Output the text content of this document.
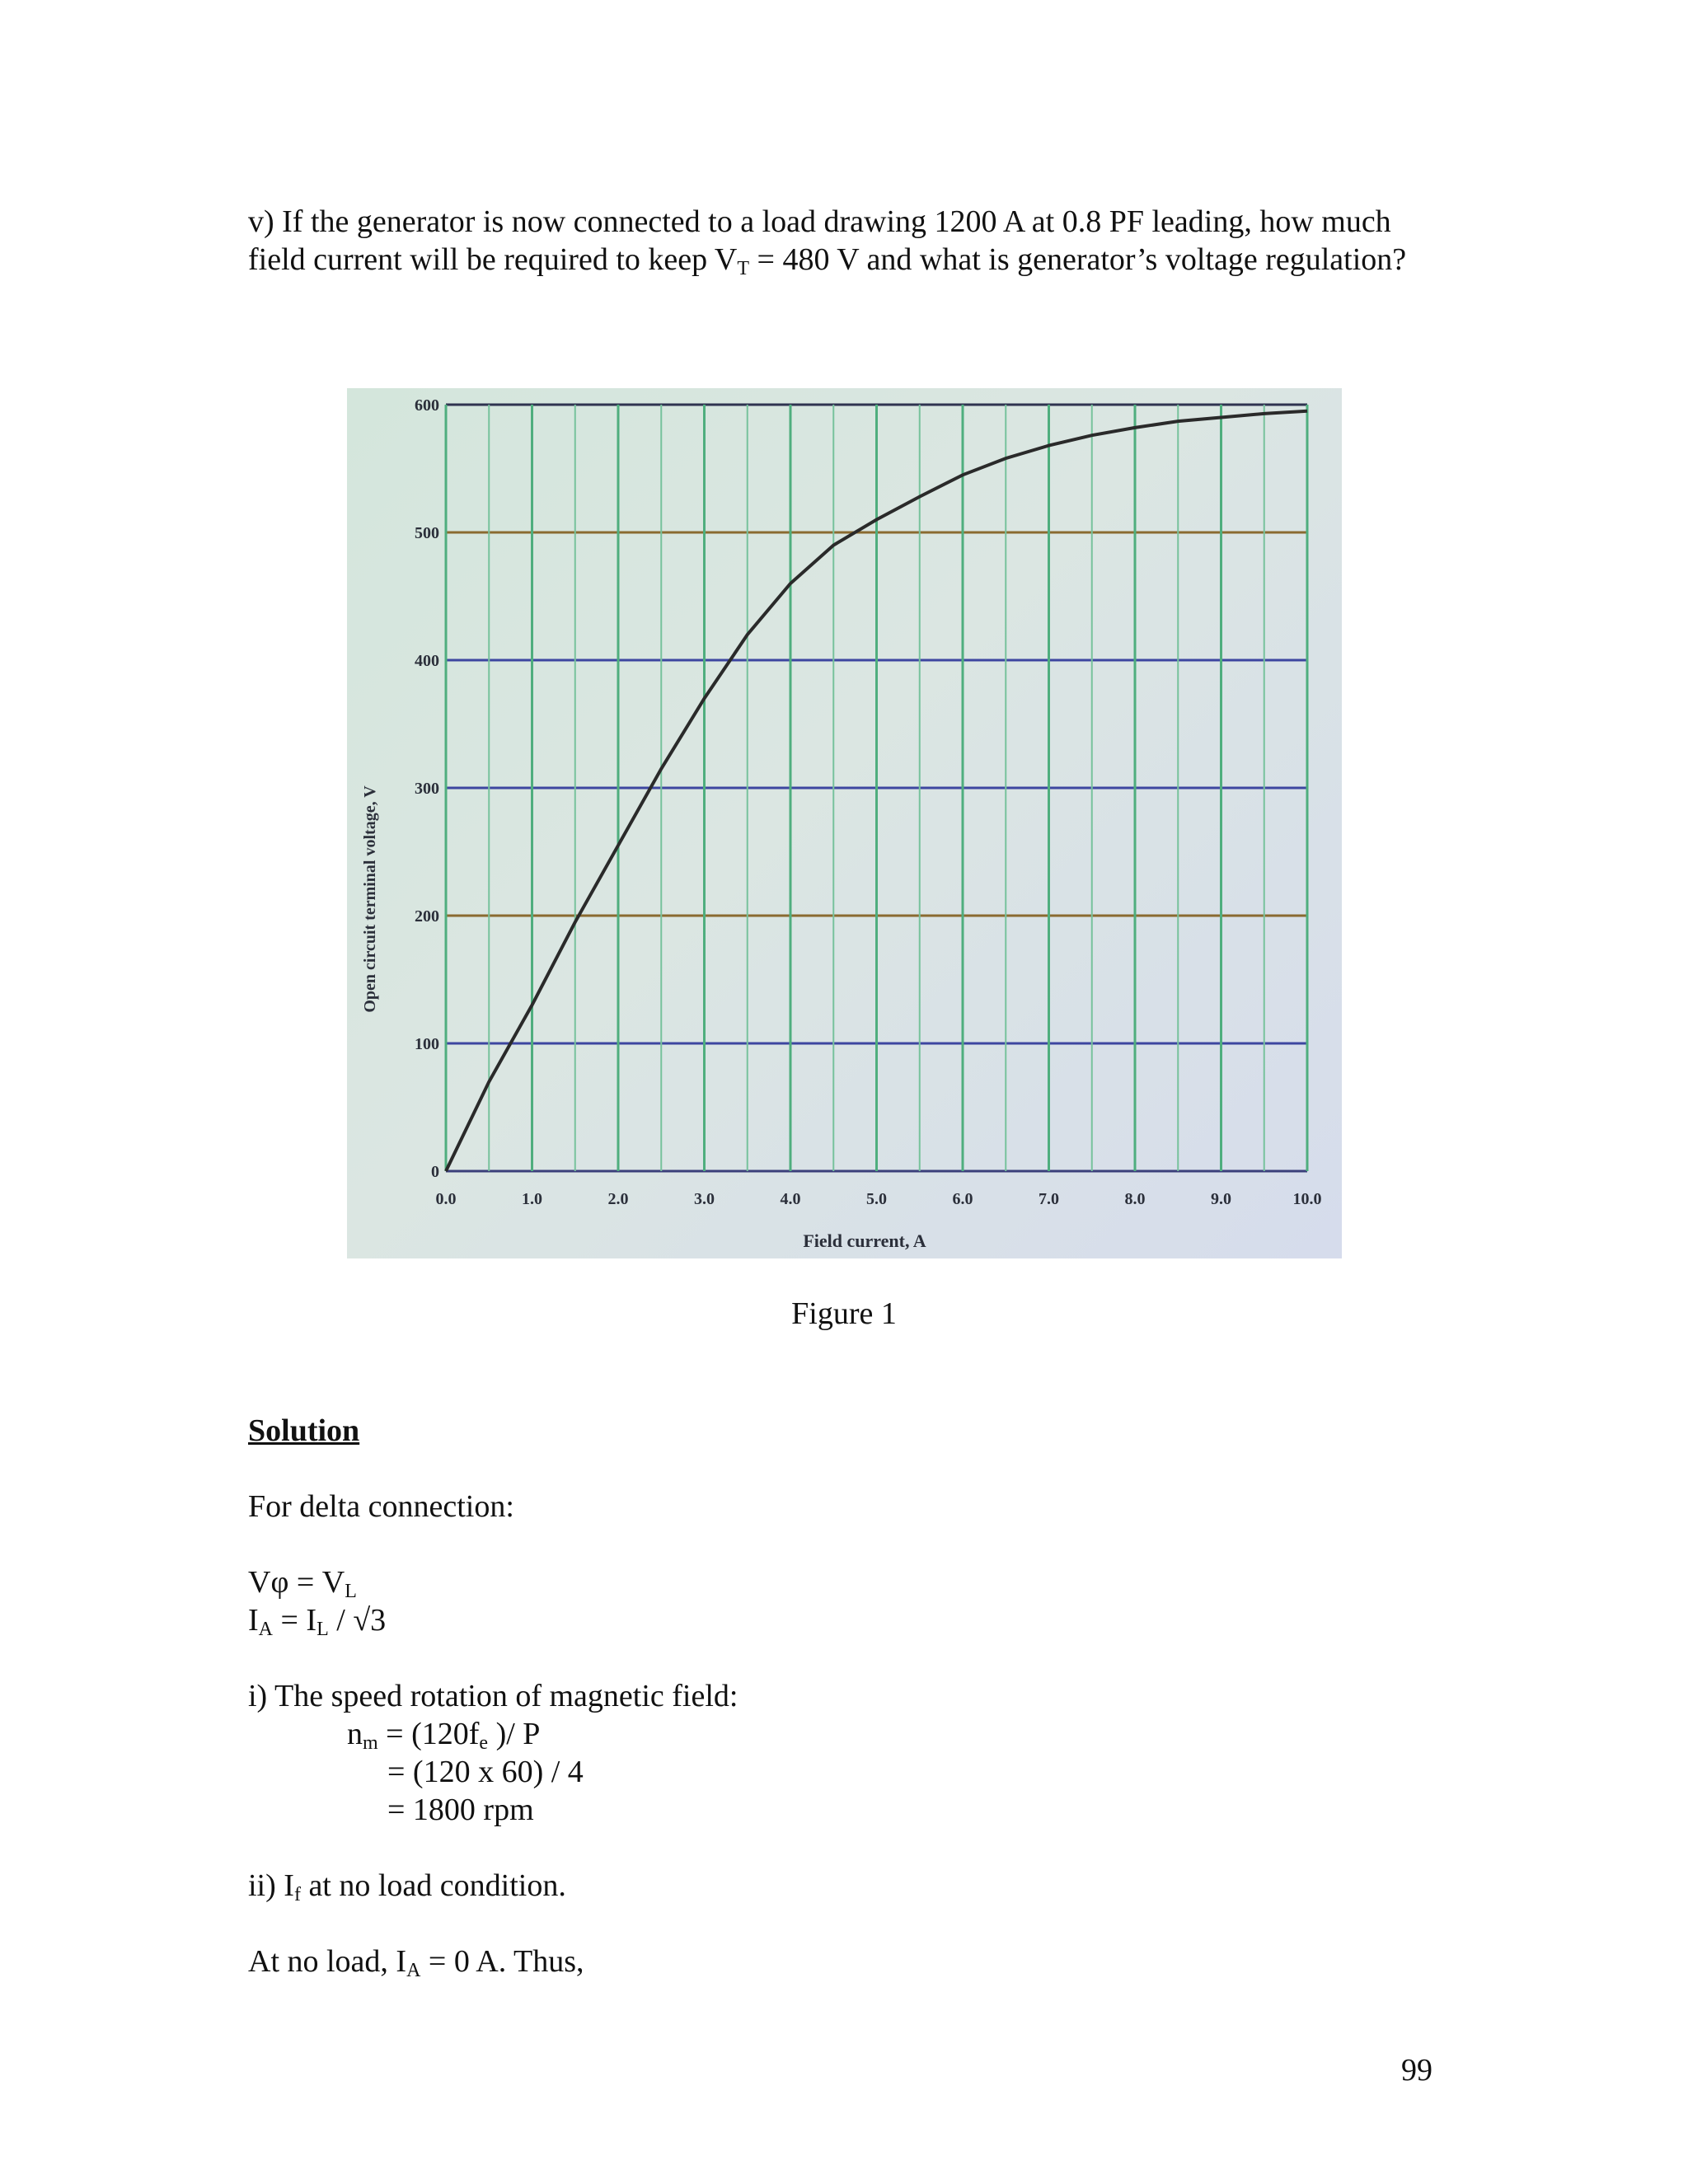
v) If the generator is now connected to a load drawing 1200 A at 0.8 PF leading, how much field current will be required to keep $V_T = 480$ V and what is generator’s voltage regulation?

0.0	1.0	2.0	3.0	4.0	5.0	6.0	7.0	8.0	9.0	10.0
0
100
200
300
400
500
600
Field current, A
Open circuit terminal voltage, V
Figure 1
Solution
For delta connection:
$V\varphi = V_L$
$I_A = I_L / √3$
i) The speed rotation of magnetic field:
$n_m = (120f_e$ )/ P
= (120 x 60) / 4
= 1800 rpm
ii) $I_f$ at no load condition.
At no load, $I_A = 0$ A. Thus,
99
